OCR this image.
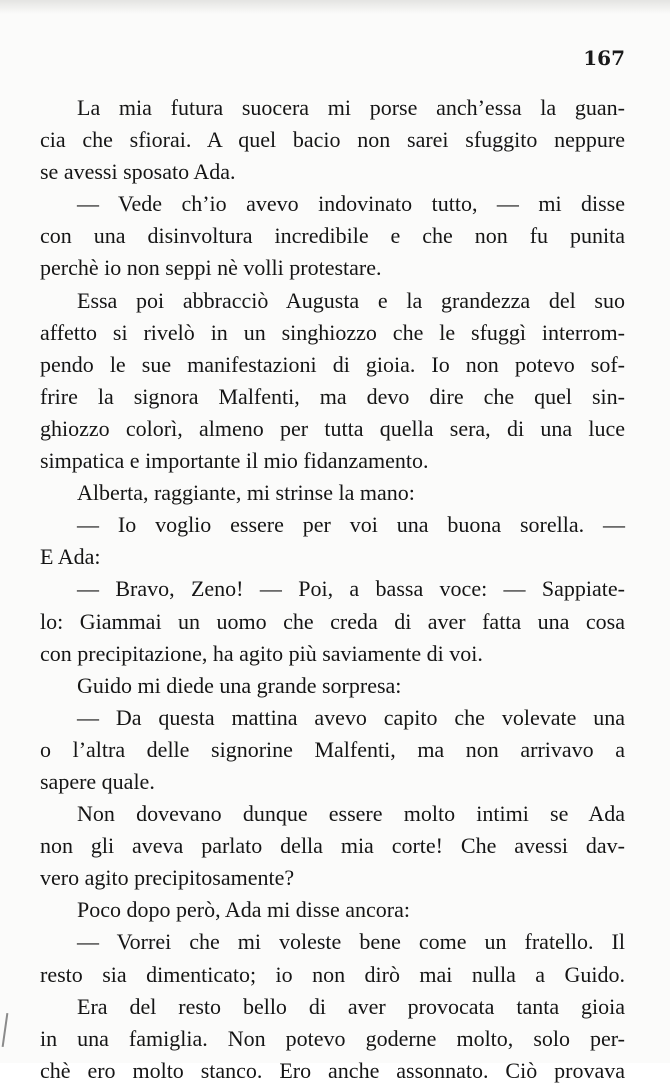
167
La mia futura suocera mi porse anch’essa la guan-
cia che sfiorai. A quel bacio non sarei sfuggito neppure
se avessi sposato Ada.
— Vede ch’io avevo indovinato tutto, — mi disse
con una disinvoltura incredibile e che non fu punita
perchè io non seppi nè volli protestare.
Essa poi abbracciò Augusta e la grandezza del suo
affetto si rivelò in un singhiozzo che le sfuggì interrom-
pendo le sue manifestazioni di gioia. Io non potevo sof-
frire la signora Malfenti, ma devo dire che quel sin-
ghiozzo colorì, almeno per tutta quella sera, di una luce
simpatica e importante il mio fidanzamento.
Alberta, raggiante, mi strinse la mano:
— Io voglio essere per voi una buona sorella. —
E Ada:
— Bravo, Zeno! — Poi, a bassa voce: — Sappiate-
lo: Giammai un uomo che creda di aver fatta una cosa
con precipitazione, ha agito più saviamente di voi.
Guido mi diede una grande sorpresa:
— Da questa mattina avevo capito che volevate una
o l’altra delle signorine Malfenti, ma non arrivavo a
sapere quale.
Non dovevano dunque essere molto intimi se Ada
non gli aveva parlato della mia corte! Che avessi dav-
vero agito precipitosamente?
Poco dopo però, Ada mi disse ancora:
— Vorrei che mi voleste bene come un fratello. Il
resto sia dimenticato; io non dirò mai nulla a Guido.
Era del resto bello di aver provocata tanta gioia
in una famiglia. Non potevo goderne molto, solo per-
chè ero molto stanco. Ero anche assonnato. Ciò provava
